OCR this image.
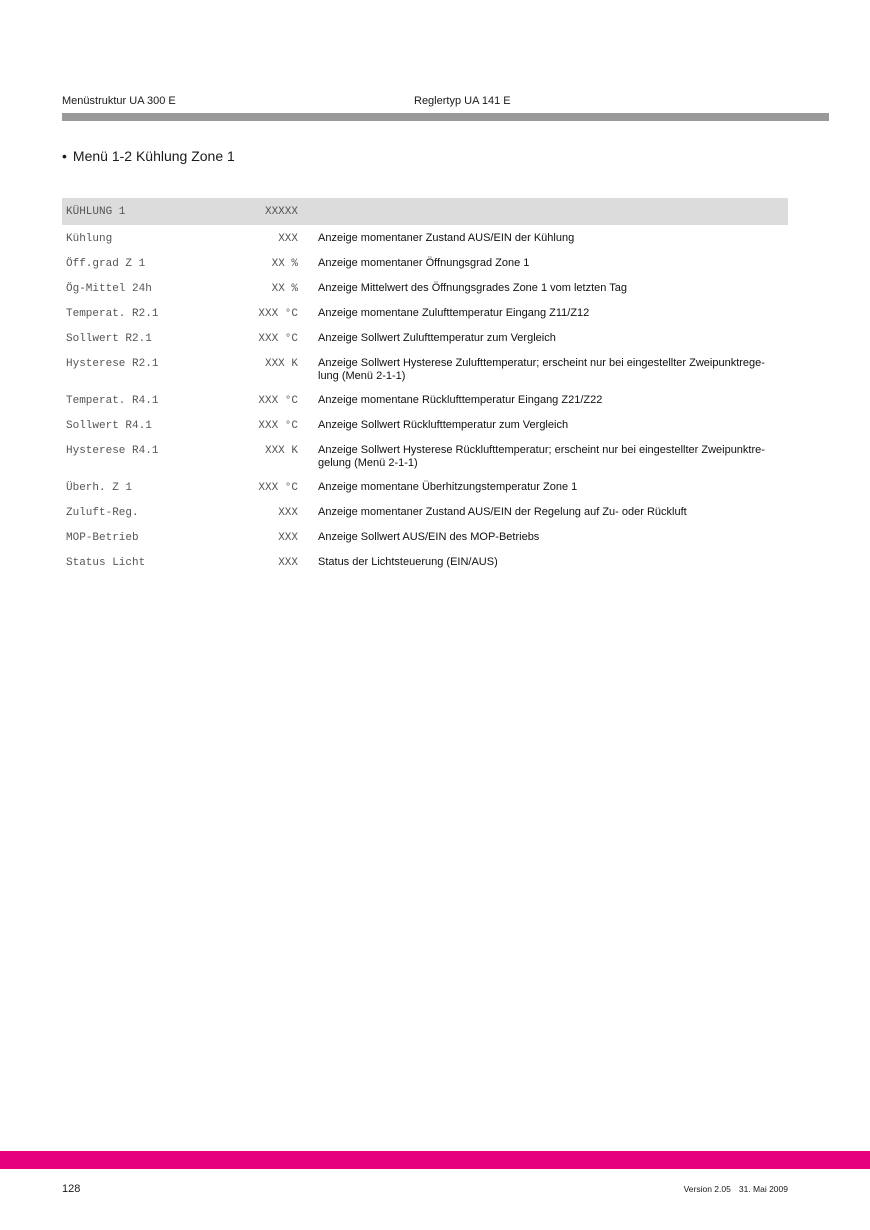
Menüstruktur UA 300 E	Reglertyp UA 141 E
• Menü 1-2 Kühlung Zone 1
KÜHLUNG 1	XXXXX		
Kühlung	XXX		Anzeige momentaner Zustand AUS/EIN der Kühlung
Öff.grad Z 1	XX %		Anzeige momentaner Öffnungsgrad Zone 1
Ög-Mittel 24h	XX %		Anzeige Mittelwert des Öffnungsgrades Zone 1 vom letzten Tag
Temperat. R2.1	XXX °C		Anzeige momentane Zulufttemperatur Eingang Z11/Z12
Sollwert R2.1	XXX °C		Anzeige Sollwert Zulufttemperatur zum Vergleich
Hysterese R2.1	XXX K		Anzeige Sollwert Hysterese Zulufttemperatur; erscheint nur bei eingestellter Zweipunktrege-lung (Menü 2-1-1)
Temperat. R4.1	XXX °C		Anzeige momentane Rücklufttemperatur Eingang Z21/Z22
Sollwert R4.1	XXX °C		Anzeige Sollwert Rücklufttemperatur zum Vergleich
Hysterese R4.1	XXX K		Anzeige Sollwert Hysterese Rücklufttemperatur; erscheint nur bei eingestellter Zweipunktre-gelung (Menü 2-1-1)
Überh. Z 1	XXX °C		Anzeige momentane Überhitzungstemperatur Zone 1
Zuluft-Reg.	XXX		Anzeige momentaner Zustand AUS/EIN der Regelung auf Zu- oder Rückluft
MOP-Betrieb	XXX		Anzeige Sollwert AUS/EIN des MOP-Betriebs
Status Licht	XXX		Status der Lichtsteuerung (EIN/AUS)
128	Version 2.05 31. Mai 2009
